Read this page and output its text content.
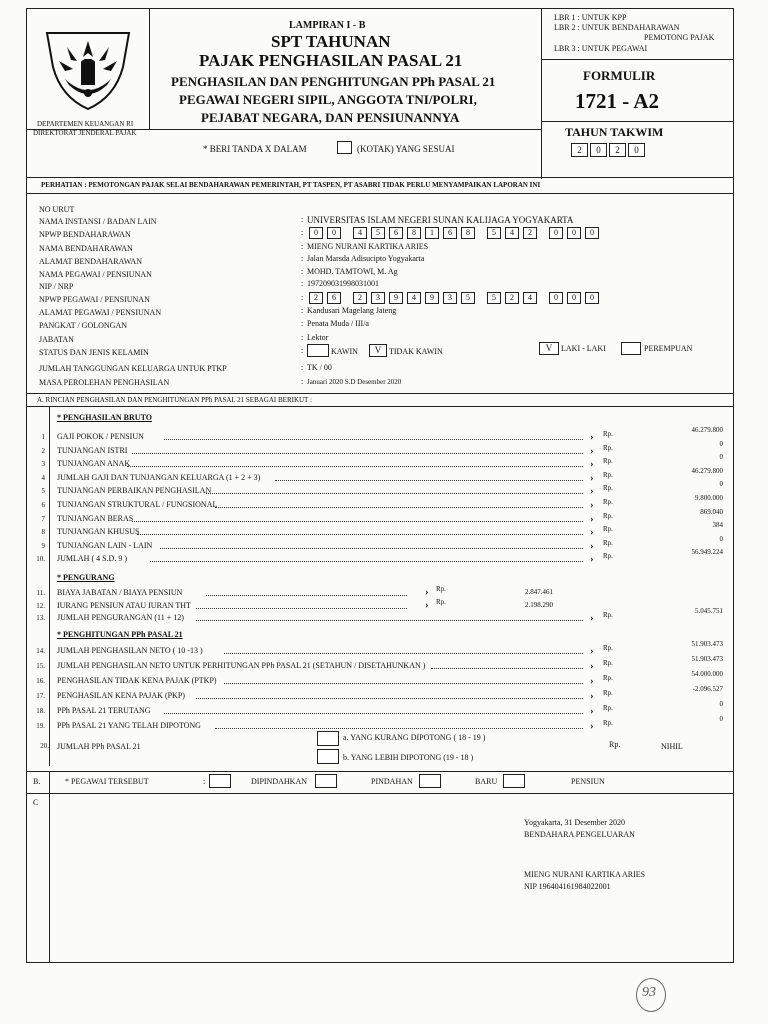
DEPARTEMEN KEUANGAN RI
DIREKTORAT JENDERAL PAJAK
LAMPIRAN I - B
SPT TAHUNAN
PAJAK PENGHASILAN PASAL 21
PENGHASILAN DAN PENGHITUNGAN PPh PASAL 21
PEGAWAI NEGERI SIPIL, ANGGOTA TNI/POLRI,
PEJABAT NEGARA, DAN PENSIUNANNYA
LBR 1 : UNTUK KPP
LBR 2 : UNTUK BENDAHARAWAN
PEMOTONG PAJAK
LBR 3 : UNTUK PEGAWAI
FORMULIR
1721 - A2
TAHUN TAKWIM
2	0	2	0
* BERI TANDA X DALAM	(KOTAK) YANG SESUAI
PERHATIAN : PEMOTONGAN PAJAK SELAI BENDAHARAWAN PEMERINTAH, PT TASPEN, PT ASABRI TIDAK PERLU MENYAMPAIKAN LAPORAN INI
NO URUT
NAMA INSTANSI / BADAN LAIN	: UNIVERSITAS ISLAM NEGERI SUNAN KALIJAGA YOGYAKARTA
NPWP BENDAHARAWAN	:	0	0	4	5	6	8	1	6	8	5	4	2	0	0	0
NAMA BENDAHARAWAN	: MIENG NURANI KARTIKA ARIES
ALAMAT BENDAHARAWAN	: Jalan Marsda Adisucipto Yogyakarta
NAMA PEGAWAI / PENSIUNAN	: MOHD. TAMTOWI, M. Ag
NIP / NRP	: 197209031998031001
NPWP PEGAWAI / PENSIUNAN	:	2	6	2	3	9	4	9	3	5	5	2	4	0	0	0
ALAMAT PEGAWAI / PENSIUNAN	: Kandusari Magelang Jateng
PANGKAT / GOLONGAN	: Penata Muda / III/a
JABATAN	: Lektor
STATUS DAN JENIS KELAMIN	:	KAWIN	V TIDAK KAWIN	V	LAKI - LAKI	PEREMPUAN
JUMLAH TANGGUNGAN KELUARGA UNTUK PTKP	: TK / 00
MASA PEROLEHAN PENGHASILAN	: Januari 2020 S.D Desember 2020
A. RINCIAN PENGHASILAN DAN PENGHITUNGAN PPh PASAL 21 SEBAGAI BERIKUT :
* PENGHASILAN BRUTO
1 GAJI POKOK / PENSIUN	› Rp.	46.279.800
2 TUNJANGAN ISTRI	› Rp.	0
3 TUNJANGAN ANAK	› Rp.	0
4 JUMLAH GAJI DAN TUNJANGAN KELUARGA (1 + 2 + 3)	› Rp.	46.279.800
5 TUNJANGAN PERBAIKAN PENGHASILAN	› Rp.	0
6 TUNJANGAN STRUKTURAL / FUNGSIONAL	› Rp.	9.800.000
7 TUNJANGAN BERAS	› Rp.	869.040
8 TUNJANGAN KHUSUS	› Rp.	384
9 TUNJANGAN LAIN - LAIN	› Rp.	0
10. JUMLAH ( 4 S.D. 9 )	› Rp.	56.949.224
* PENGURANG
11. BIAYA JABATAN / BIAYA PENSIUN	› Rp.	2.847.461
12. IURANG PENSIUN ATAU IURAN THT	› Rp.	2.198.290
13. JUMLAH PENGURANGAN (11 + 12)	› Rp.	5.045.751
* PENGHITUNGAN PPh PASAL 21
14. JUMLAH PENGHASILAN NETO ( 10 -13 )	› Rp.	51.903.473
15. JUMLAH PENGHASILAN NETO UNTUK PERHITUNGAN PPh PASAL 21 (SETAHUN / DISETAHUNKAN )	› Rp.	51.903.473
16. PENGHASILAN TIDAK KENA PAJAK (PTKP)	› Rp.	54.000.000
17. PENGHASILAN KENA PAJAK (PKP)	› Rp.	-2.096.527
18. PPh PASAL 21 TERUTANG	› Rp.	0
19. PPh PASAL 21 YANG TELAH DIPOTONG	› Rp.	0
20. JUMLAH PPh PASAL 21
a. YANG KURANG DIPOTONG ( 18 - 19 )
b. YANG LEBIH DIPOTONG (19 - 18 )
Rp.	NIHIL
B.	* PEGAWAI TERSEBUT	:	DIPINDAHKAN	PINDAHAN	BARU	PENSIUN
C
Yogyakarta, 31 Desember 2020
BENDAHARA PENGELUARAN
MIENG NURANI KARTIKA ARIES
NIP 196404161984022001
93
